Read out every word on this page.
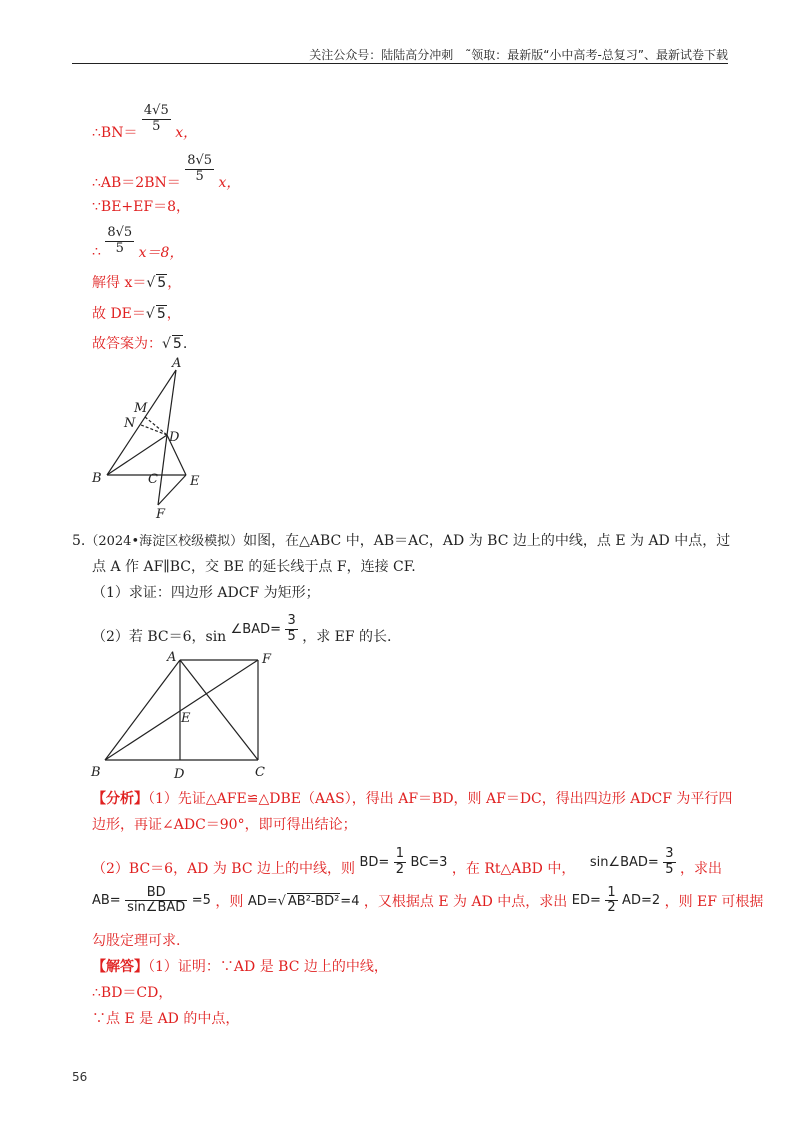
关注公众号：陆陆高分冲刺　˜领取：最新版“小中高考-总复习”、最新试卷下载
∴BN＝ $\frac{4√5}{5}$ x，
∴AB＝2BN＝ $\frac{8√5}{5}$ x，
∵BE+EF＝8，
∴ $\frac{8√5}{5} x=8$，
解得 x＝√ 5，
故 DE＝√ 5，
故答案为：√ 5.
A
M
N
D
B	C E
F
5.（2024•海淀区校级模拟）如图，在△ABC 中，AB＝AC，AD 为 BC 边上的中线，点 E 为 AD 中点，过
点 A 作 AF∥BC，交 BE 的延长线于点 F，连接 CF.
（1）求证：四边形 ADCF 为矩形；
（2）若 BC＝6，sin ∠BAD= $\frac{3}{5}$ ，求 EF 的长.
A	F
E
B	D	C
【分析】（1）先证△AFE≌△DBE（AAS），得出 AF＝BD，则 AF＝DC，得出四边形 ADCF 为平行四
边形，再证∠ADC＝90°，即可得出结论；
（2）BC＝6，AD 为 BC 边上的中线，则 $BD= \frac{1}{2} BC=3$ ，在 Rt△ABD 中， sin∠BAD= $\frac{3}{5}$ ，求出
$AB= \frac{BD}{\text{sin∠BAD}} =5$ ，则 AD=√ AB²-BD²=4 ，又根据点 E 为 AD 中点，求出 $ED= \frac{1}{2} AD=2$ ，则 EF 可根据
勾股定理可求.
【解答】（1）证明：∵AD 是 BC 边上的中线，
∴BD＝CD，
∵点 E 是 AD 的中点，
56
